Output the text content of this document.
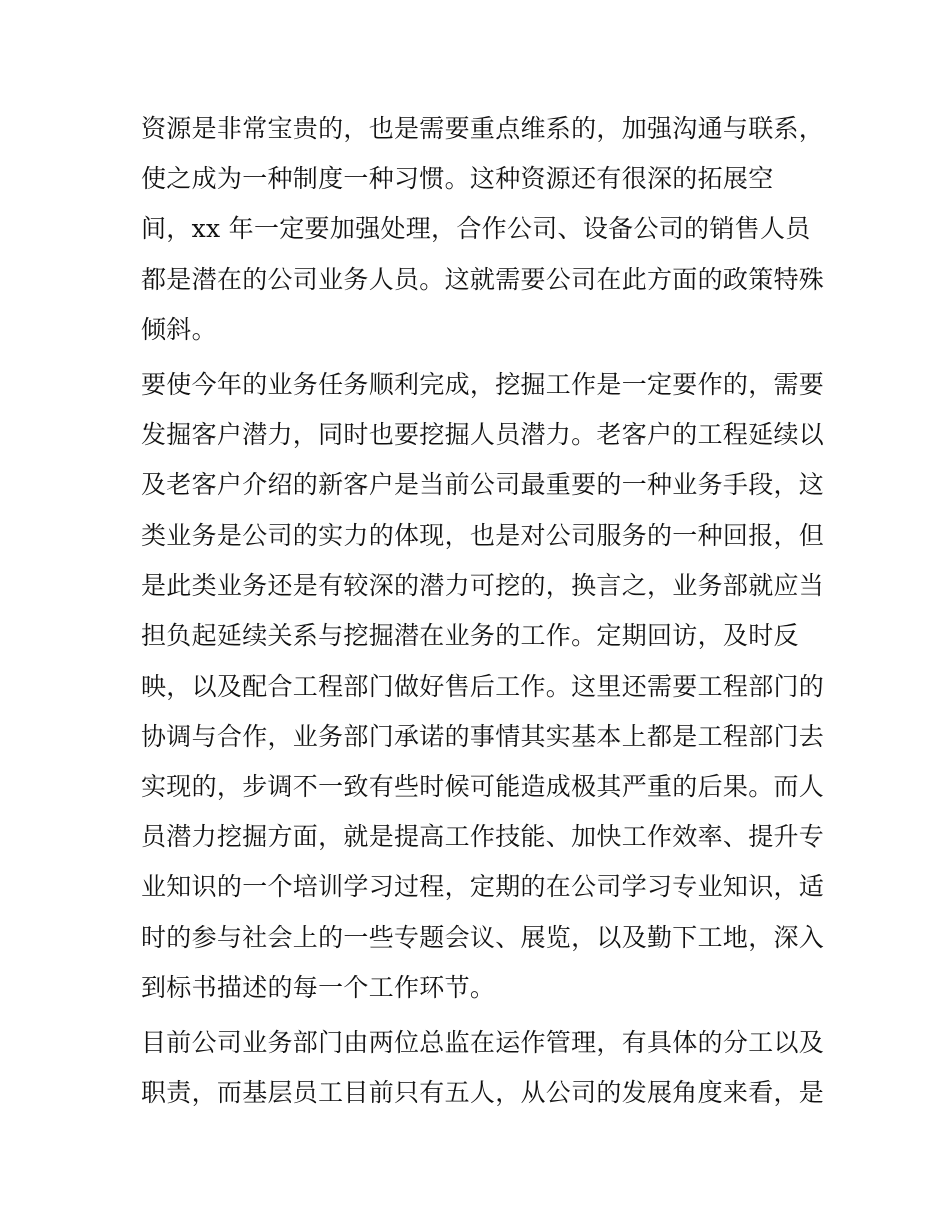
资源是非常宝贵的，也是需要重点维系的，加强沟通与联系，
使之成为一种制度一种习惯。这种资源还有很深的拓展空
间，xx 年一定要加强处理，合作公司、设备公司的销售人员
都是潜在的公司业务人员。这就需要公司在此方面的政策特殊
倾斜。
要使今年的业务任务顺利完成，挖掘工作是一定要作的，需要
发掘客户潜力，同时也要挖掘人员潜力。老客户的工程延续以
及老客户介绍的新客户是当前公司最重要的一种业务手段，这
类业务是公司的实力的体现，也是对公司服务的一种回报，但
是此类业务还是有较深的潜力可挖的，换言之，业务部就应当
担负起延续关系与挖掘潜在业务的工作。定期回访，及时反
映，以及配合工程部门做好售后工作。这里还需要工程部门的
协调与合作，业务部门承诺的事情其实基本上都是工程部门去
实现的，步调不一致有些时候可能造成极其严重的后果。而人
员潜力挖掘方面，就是提高工作技能、加快工作效率、提升专
业知识的一个培训学习过程，定期的在公司学习专业知识，适
时的参与社会上的一些专题会议、展览，以及勤下工地，深入
到标书描述的每一个工作环节。
目前公司业务部门由两位总监在运作管理，有具体的分工以及
职责，而基层员工目前只有五人，从公司的发展角度来看，是
